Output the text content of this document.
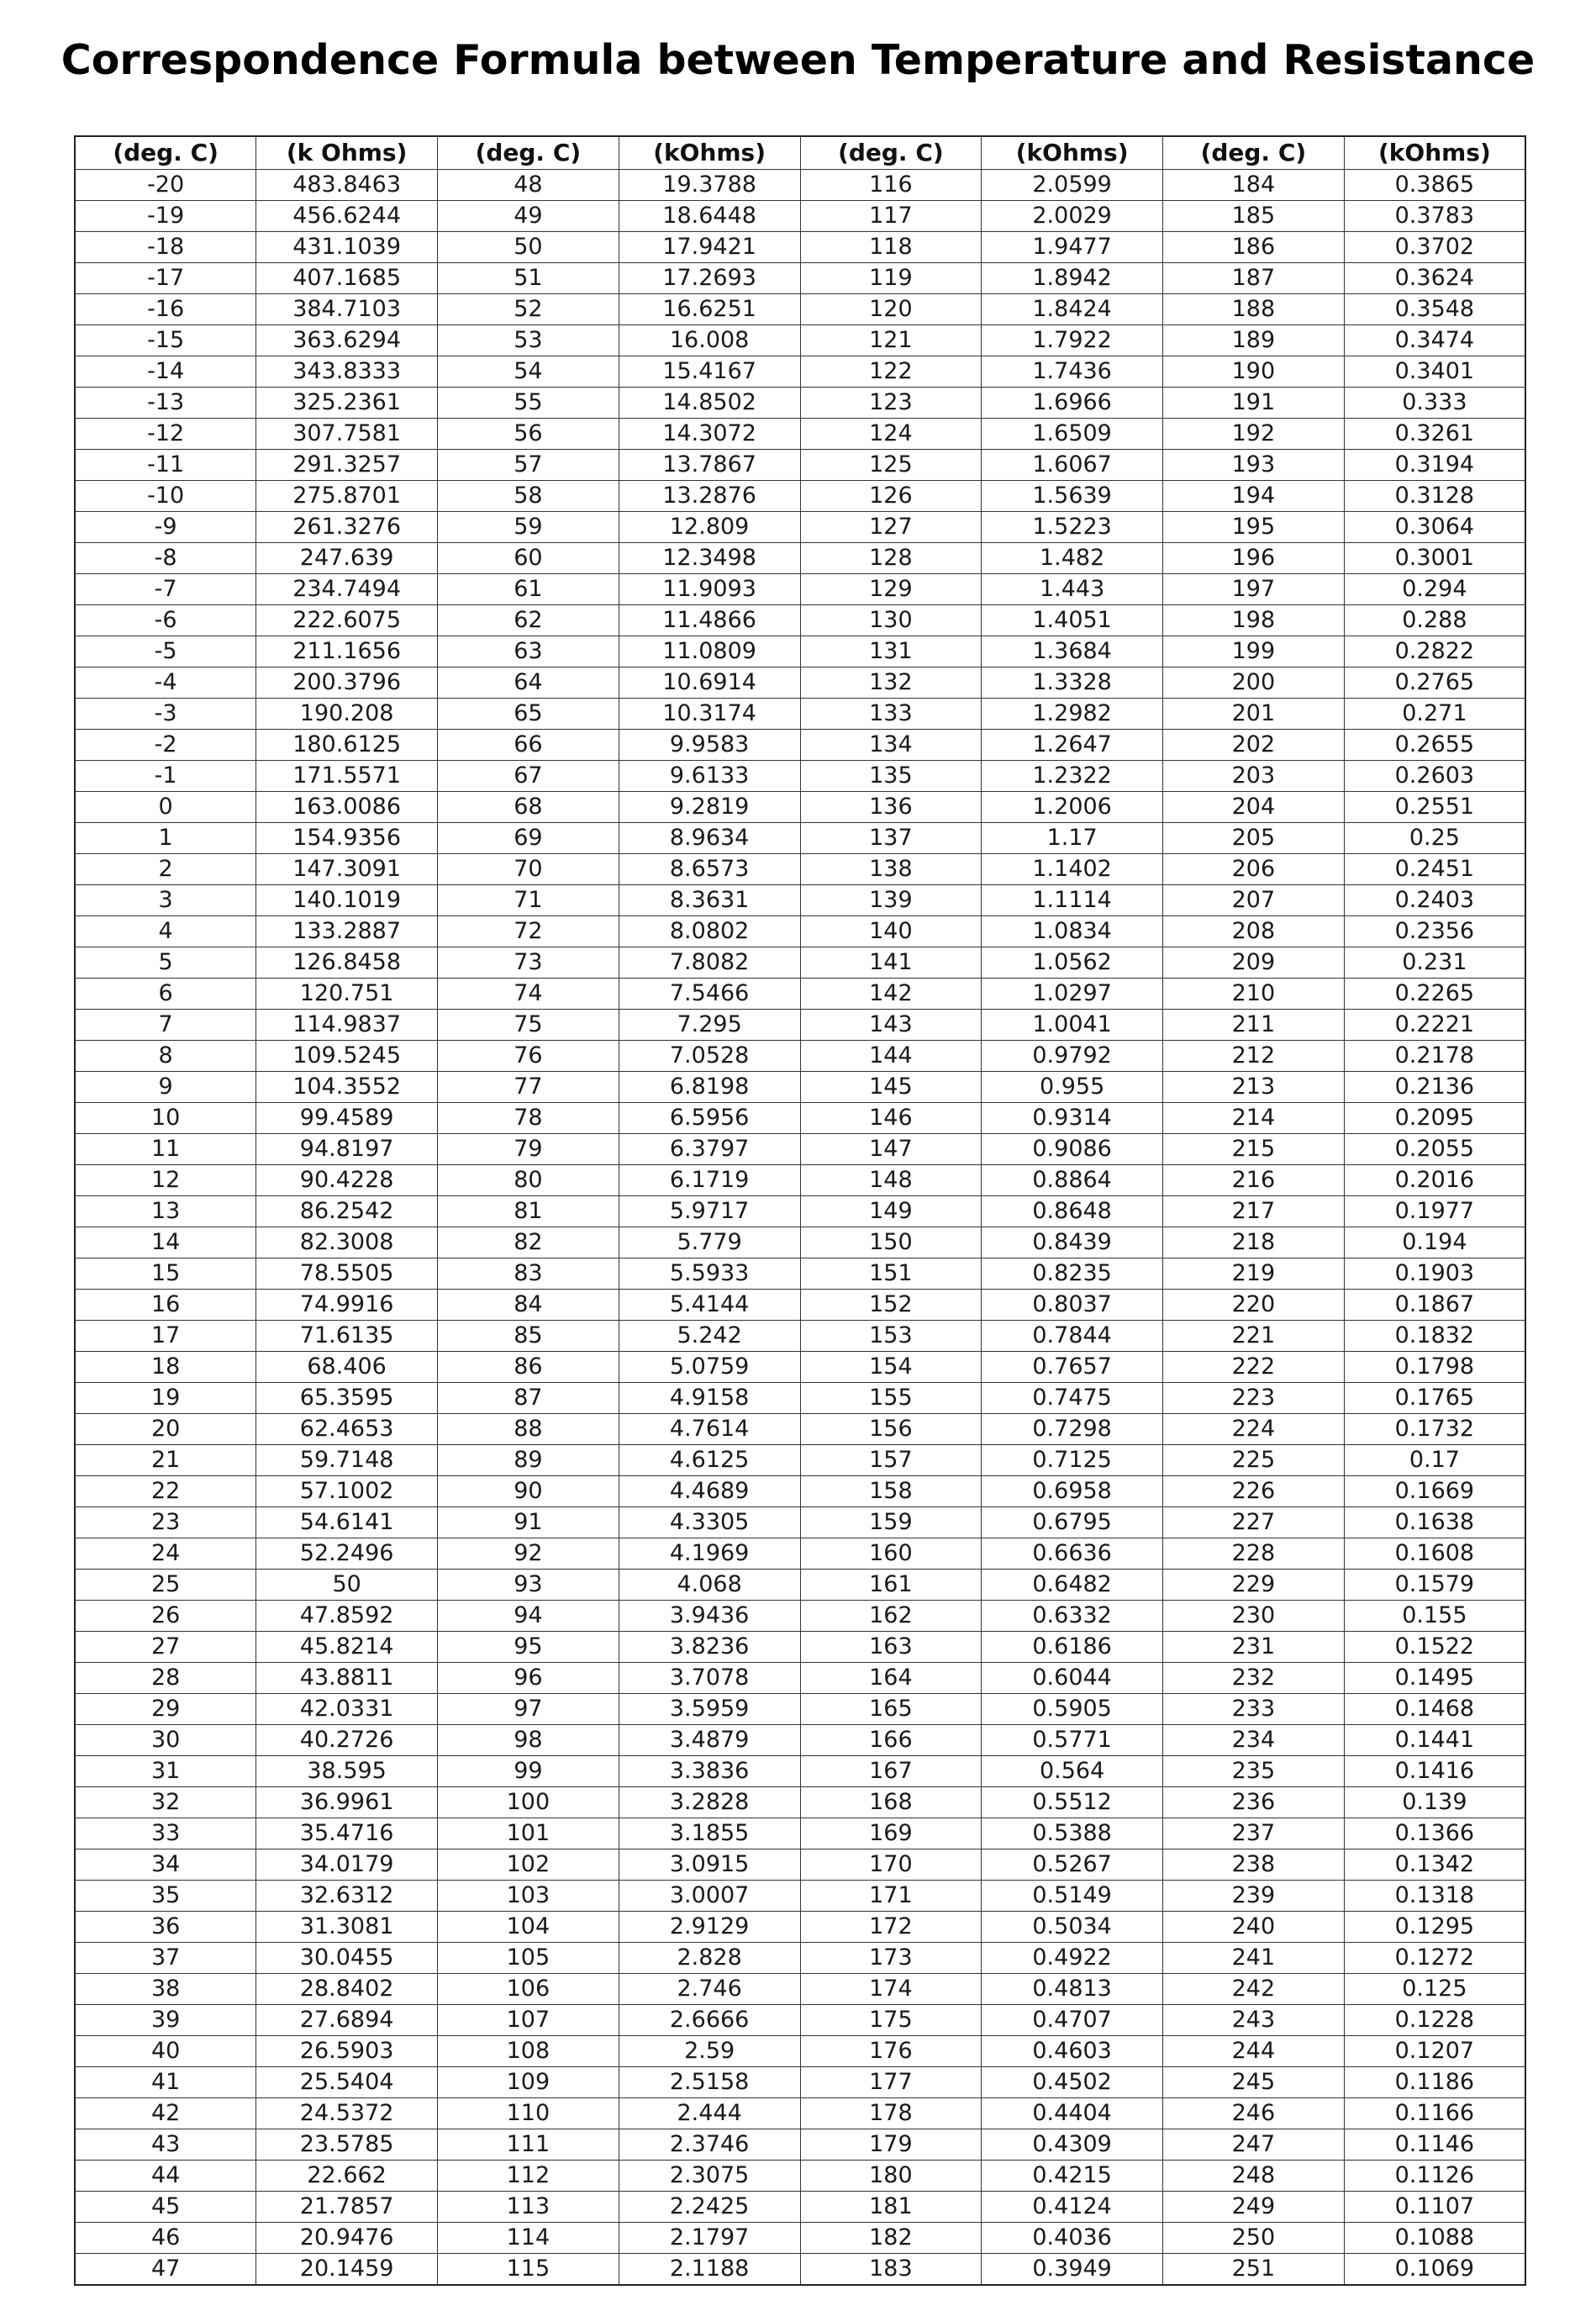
Correspondence Formula between Temperature and Resistance
(deg. C)	(k Ohms)	(deg. C)	(kOhms)	(deg. C)	(kOhms)	(deg. C)	(kOhms)
-20	483.8463	48	19.3788	116	2.0599	184	0.3865
-19	456.6244	49	18.6448	117	2.0029	185	0.3783
-18	431.1039	50	17.9421	118	1.9477	186	0.3702
-17	407.1685	51	17.2693	119	1.8942	187	0.3624
-16	384.7103	52	16.6251	120	1.8424	188	0.3548
-15	363.6294	53	16.008	121	1.7922	189	0.3474
-14	343.8333	54	15.4167	122	1.7436	190	0.3401
-13	325.2361	55	14.8502	123	1.6966	191	0.333
-12	307.7581	56	14.3072	124	1.6509	192	0.3261
-11	291.3257	57	13.7867	125	1.6067	193	0.3194
-10	275.8701	58	13.2876	126	1.5639	194	0.3128
-9	261.3276	59	12.809	127	1.5223	195	0.3064
-8	247.639	60	12.3498	128	1.482	196	0.3001
-7	234.7494	61	11.9093	129	1.443	197	0.294
-6	222.6075	62	11.4866	130	1.4051	198	0.288
-5	211.1656	63	11.0809	131	1.3684	199	0.2822
-4	200.3796	64	10.6914	132	1.3328	200	0.2765
-3	190.208	65	10.3174	133	1.2982	201	0.271
-2	180.6125	66	9.9583	134	1.2647	202	0.2655
-1	171.5571	67	9.6133	135	1.2322	203	0.2603
0	163.0086	68	9.2819	136	1.2006	204	0.2551
1	154.9356	69	8.9634	137	1.17	205	0.25
2	147.3091	70	8.6573	138	1.1402	206	0.2451
3	140.1019	71	8.3631	139	1.1114	207	0.2403
4	133.2887	72	8.0802	140	1.0834	208	0.2356
5	126.8458	73	7.8082	141	1.0562	209	0.231
6	120.751	74	7.5466	142	1.0297	210	0.2265
7	114.9837	75	7.295	143	1.0041	211	0.2221
8	109.5245	76	7.0528	144	0.9792	212	0.2178
9	104.3552	77	6.8198	145	0.955	213	0.2136
10	99.4589	78	6.5956	146	0.9314	214	0.2095
11	94.8197	79	6.3797	147	0.9086	215	0.2055
12	90.4228	80	6.1719	148	0.8864	216	0.2016
13	86.2542	81	5.9717	149	0.8648	217	0.1977
14	82.3008	82	5.779	150	0.8439	218	0.194
15	78.5505	83	5.5933	151	0.8235	219	0.1903
16	74.9916	84	5.4144	152	0.8037	220	0.1867
17	71.6135	85	5.242	153	0.7844	221	0.1832
18	68.406	86	5.0759	154	0.7657	222	0.1798
19	65.3595	87	4.9158	155	0.7475	223	0.1765
20	62.4653	88	4.7614	156	0.7298	224	0.1732
21	59.7148	89	4.6125	157	0.7125	225	0.17
22	57.1002	90	4.4689	158	0.6958	226	0.1669
23	54.6141	91	4.3305	159	0.6795	227	0.1638
24	52.2496	92	4.1969	160	0.6636	228	0.1608
25	50	93	4.068	161	0.6482	229	0.1579
26	47.8592	94	3.9436	162	0.6332	230	0.155
27	45.8214	95	3.8236	163	0.6186	231	0.1522
28	43.8811	96	3.7078	164	0.6044	232	0.1495
29	42.0331	97	3.5959	165	0.5905	233	0.1468
30	40.2726	98	3.4879	166	0.5771	234	0.1441
31	38.595	99	3.3836	167	0.564	235	0.1416
32	36.9961	100	3.2828	168	0.5512	236	0.139
33	35.4716	101	3.1855	169	0.5388	237	0.1366
34	34.0179	102	3.0915	170	0.5267	238	0.1342
35	32.6312	103	3.0007	171	0.5149	239	0.1318
36	31.3081	104	2.9129	172	0.5034	240	0.1295
37	30.0455	105	2.828	173	0.4922	241	0.1272
38	28.8402	106	2.746	174	0.4813	242	0.125
39	27.6894	107	2.6666	175	0.4707	243	0.1228
40	26.5903	108	2.59	176	0.4603	244	0.1207
41	25.5404	109	2.5158	177	0.4502	245	0.1186
42	24.5372	110	2.444	178	0.4404	246	0.1166
43	23.5785	111	2.3746	179	0.4309	247	0.1146
44	22.662	112	2.3075	180	0.4215	248	0.1126
45	21.7857	113	2.2425	181	0.4124	249	0.1107
46	20.9476	114	2.1797	182	0.4036	250	0.1088
47	20.1459	115	2.1188	183	0.3949	251	0.1069
